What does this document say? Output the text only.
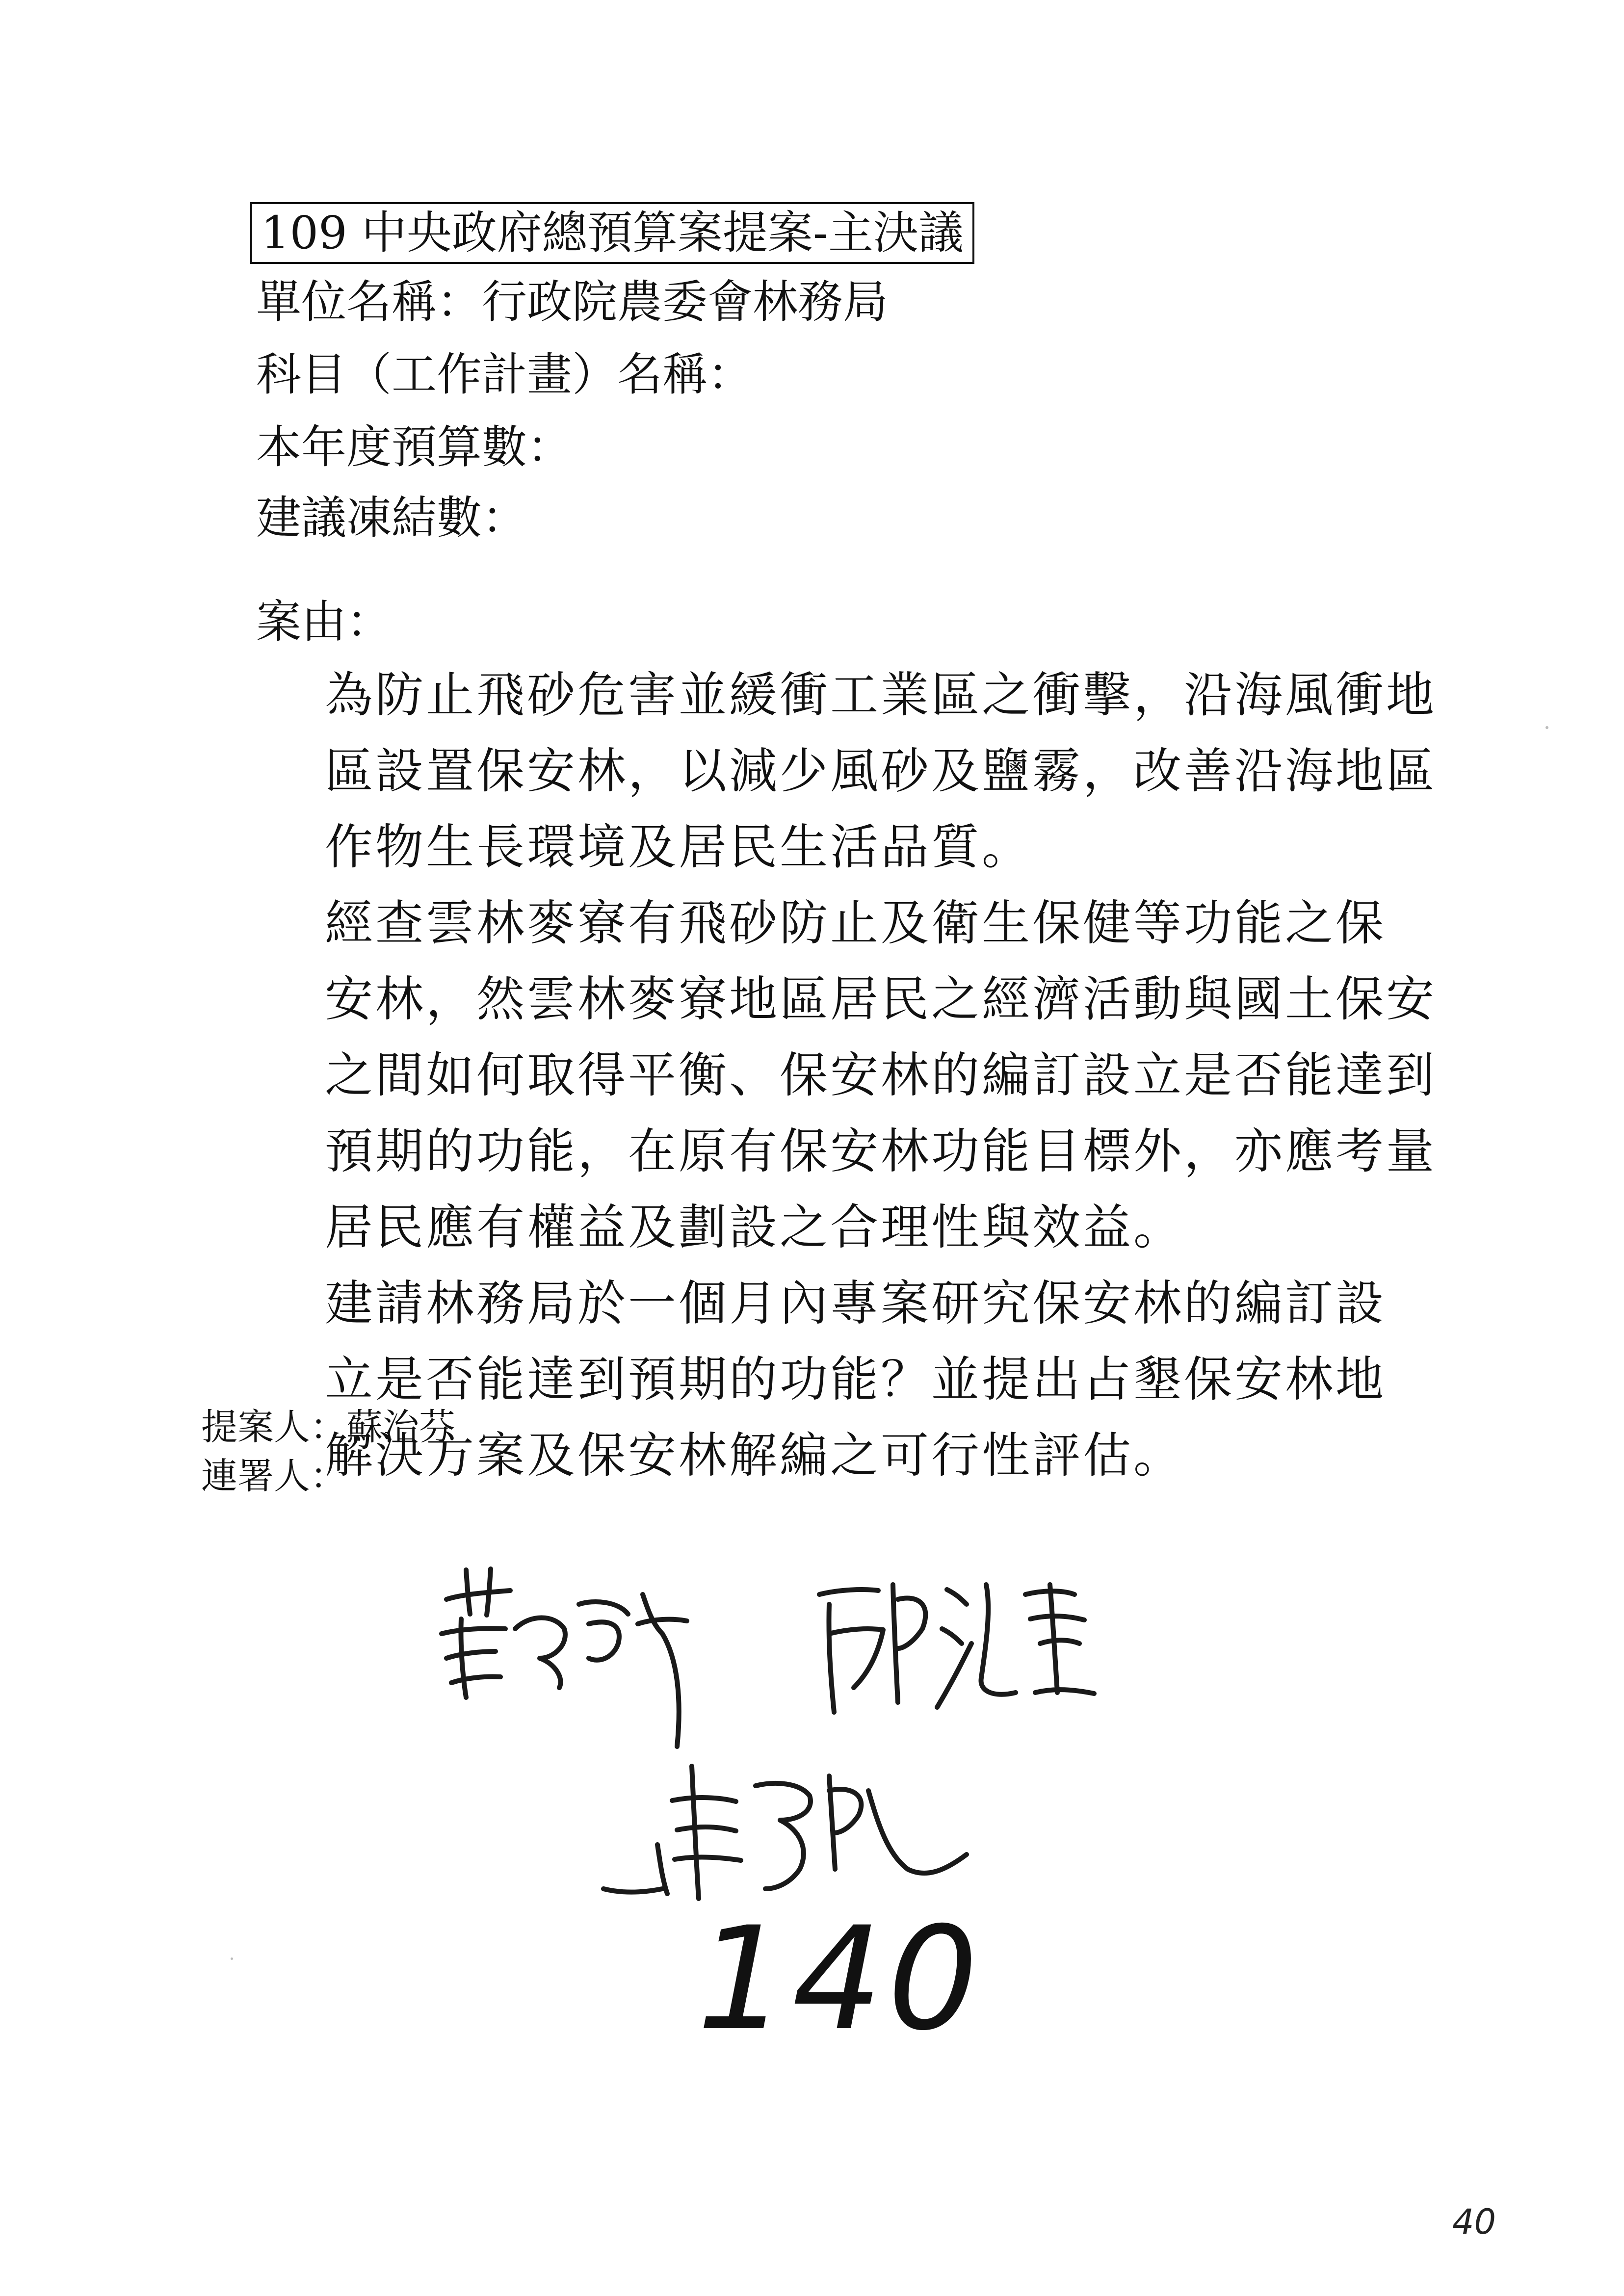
109 中央政府總預算案提案-主決議
單位名稱：行政院農委會林務局
科目（工作計畫）名稱：
本年度預算數：
建議凍結數：
案由：

為防止飛砂危害並緩衝工業區之衝擊，沿海風衝地
區設置保安林，以減少風砂及鹽霧，改善沿海地區
作物生長環境及居民生活品質。

經查雲林麥寮有飛砂防止及衛生保健等功能之保
安林，然雲林麥寮地區居民之經濟活動與國土保安
之間如何取得平衡、保安林的編訂設立是否能達到
預期的功能，在原有保安林功能目標外，亦應考量
居民應有權益及劃設之合理性與效益。

建請林務局於一個月內專案研究保安林的編訂設
立是否能達到預期的功能？並提出占墾保安林地
解決方案及保安林解編之可行性評估。

提案人：蘇治芬
連署人：
140
40
